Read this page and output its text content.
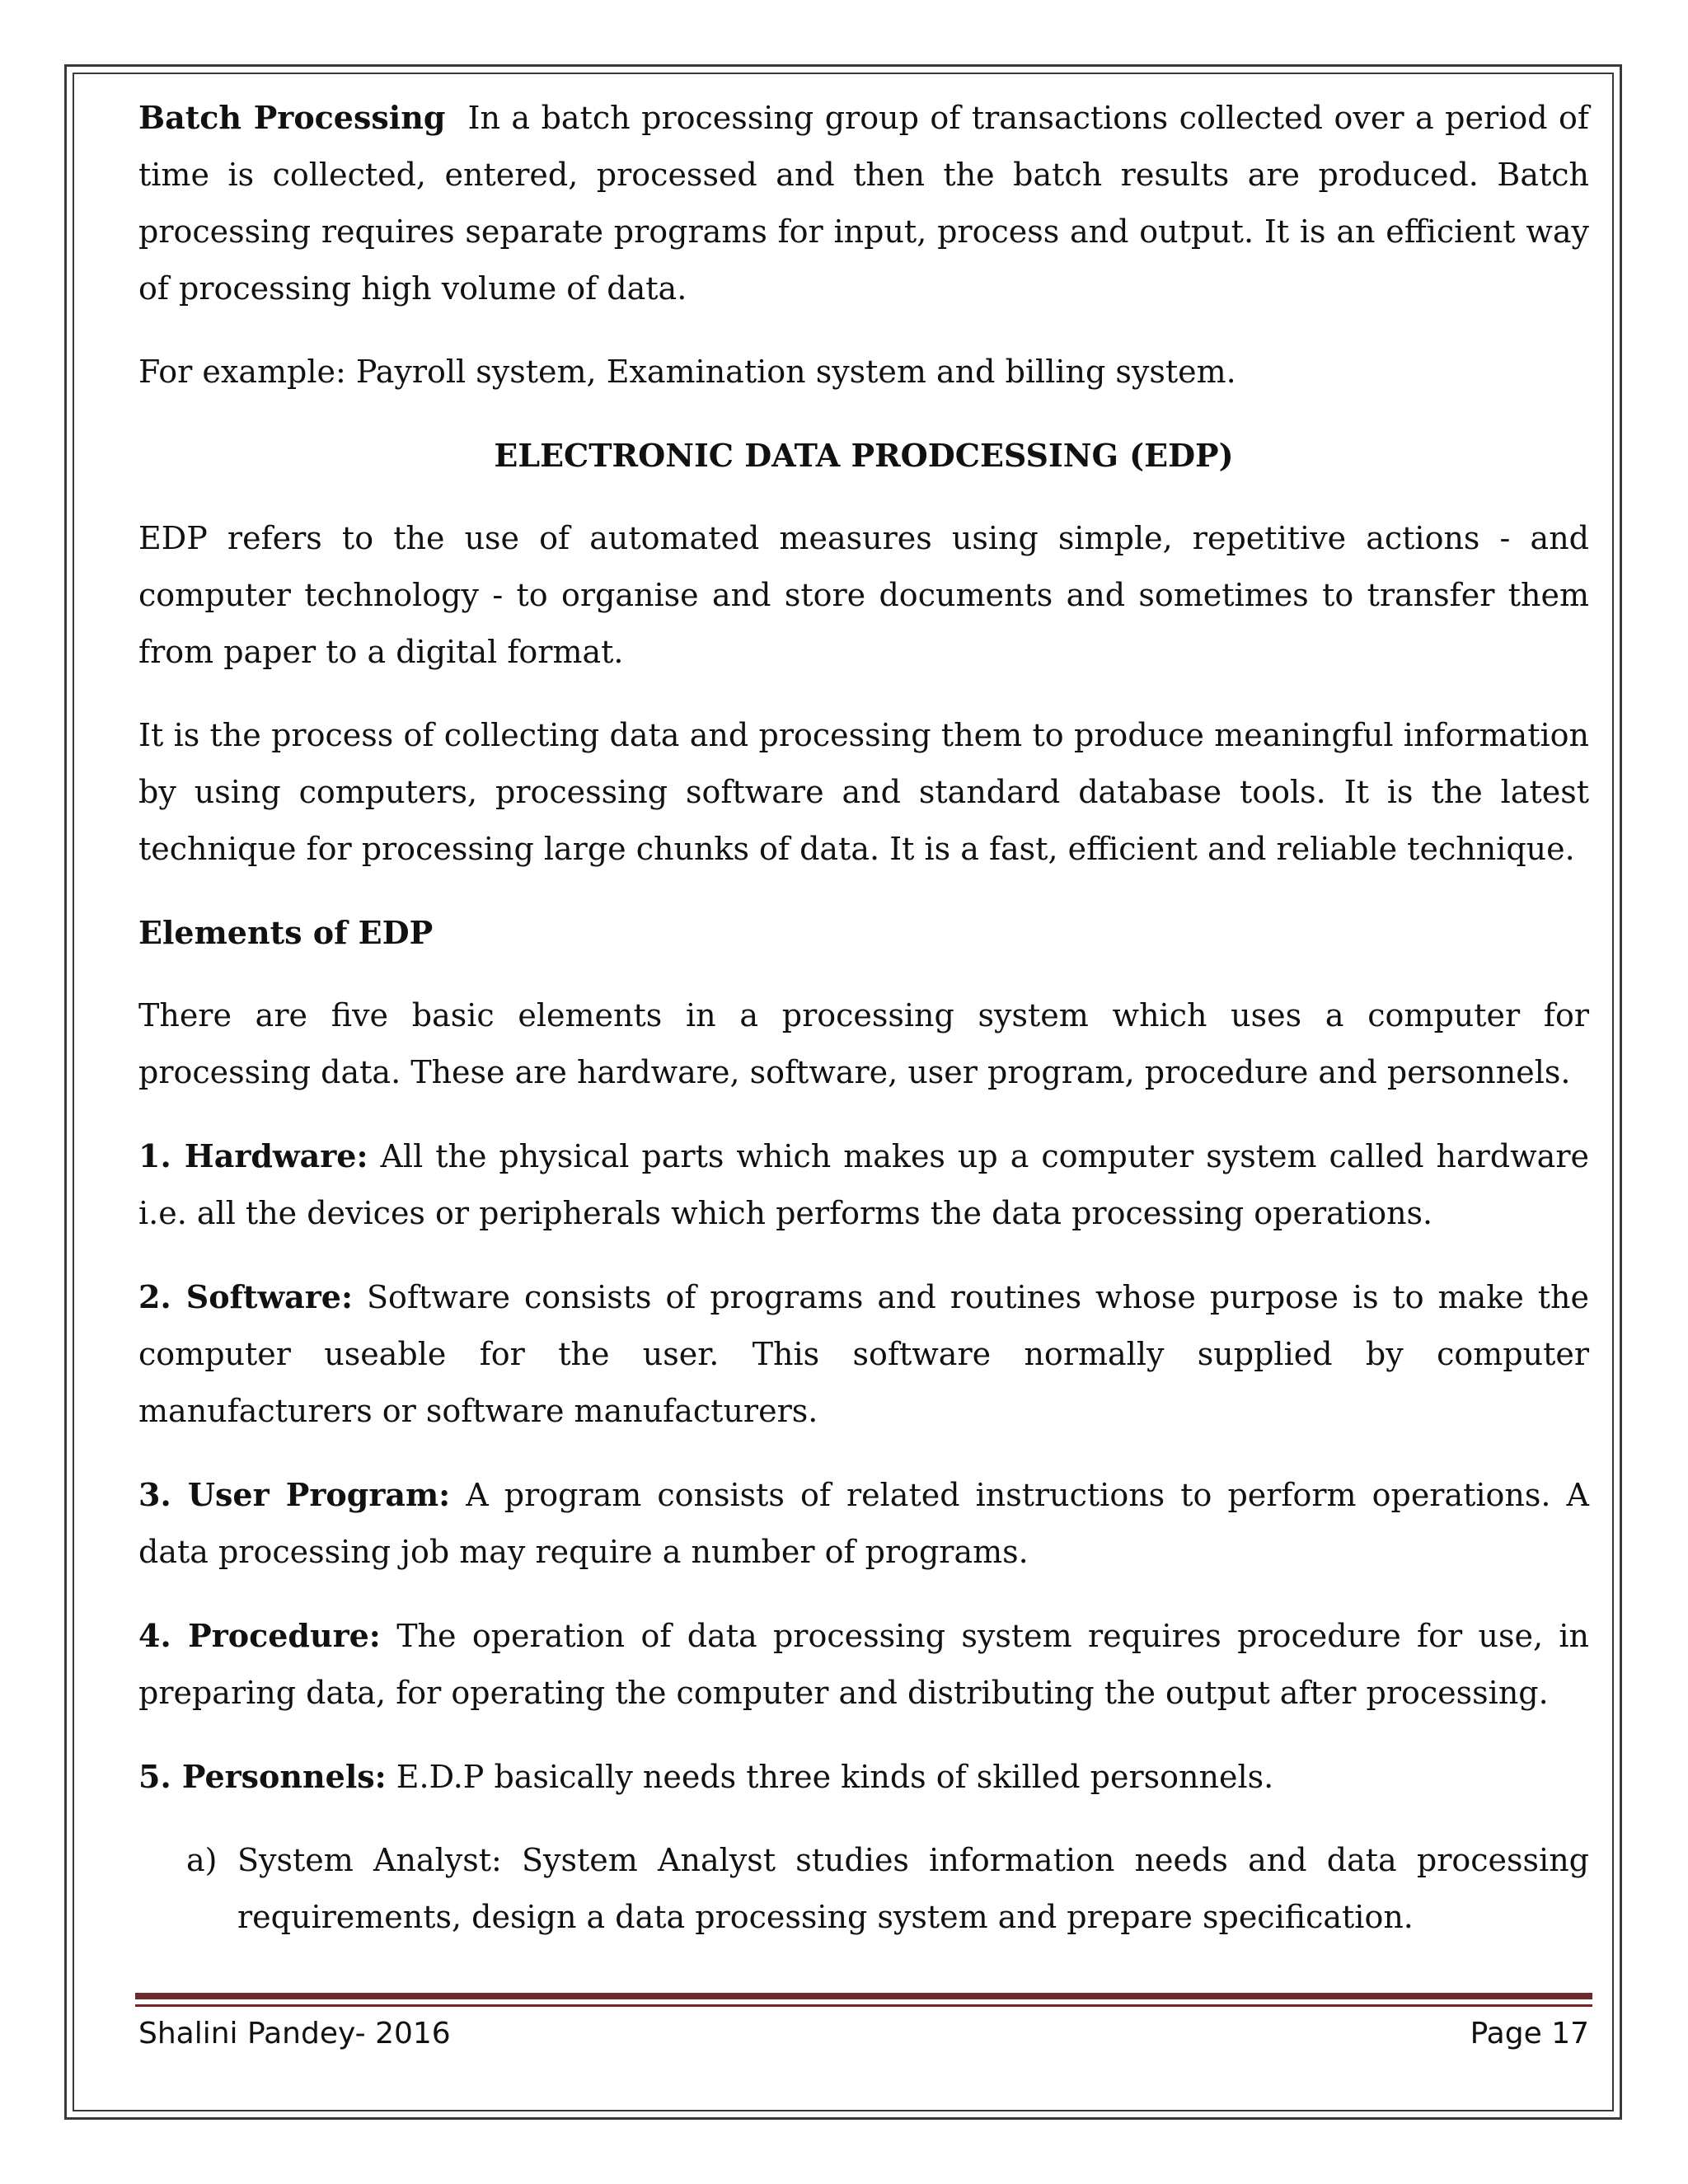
Batch Processing In a batch processing group of transactions collected over a period of time is collected, entered, processed and then the batch results are produced. Batch processing requires separate programs for input, process and output. It is an efficient way of processing high volume of data.

For example: Payroll system, Examination system and billing system.

ELECTRONIC DATA PRODCESSING (EDP)

EDP refers to the use of automated measures using simple, repetitive actions - and computer technology - to organise and store documents and sometimes to transfer them from paper to a digital format.

It is the process of collecting data and processing them to produce meaningful information by using computers, processing software and standard database tools. It is the latest technique for processing large chunks of data. It is a fast, efficient and reliable technique.

Elements of EDP

There are five basic elements in a processing system which uses a computer for processing data. These are hardware, software, user program, procedure and personnels.

1. Hardware: All the physical parts which makes up a computer system called hardware i.e. all the devices or peripherals which performs the data processing operations.

2. Software: Software consists of programs and routines whose purpose is to make the computer useable for the user. This software normally supplied by computer manufacturers or software manufacturers.

3. User Program: A program consists of related instructions to perform operations. A data processing job may require a number of programs.

4. Procedure: The operation of data processing system requires procedure for use, in preparing data, for operating the computer and distributing the output after processing.

5. Personnels: E.D.P basically needs three kinds of skilled personnels.

a) System Analyst: System Analyst studies information needs and data processing requirements, design a data processing system and prepare specification.
Shalini Pandey- 2016	Page 17
